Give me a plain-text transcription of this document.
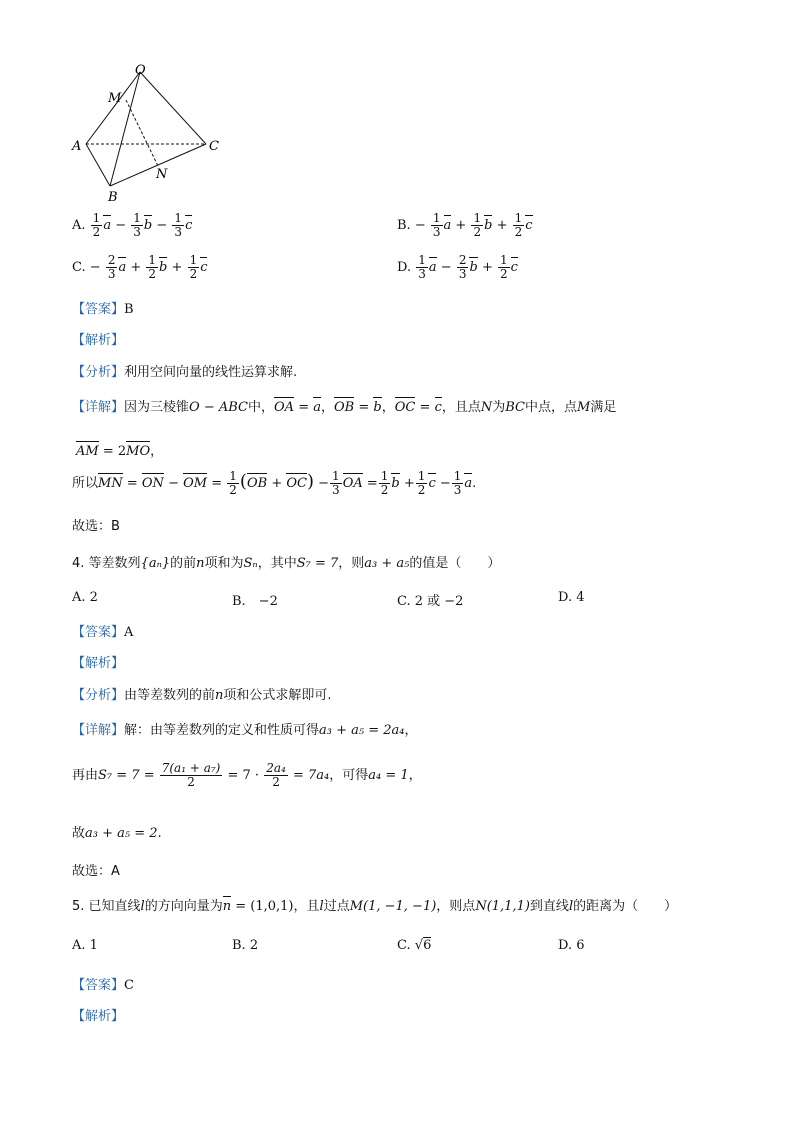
O
M
A	C
B
N
A. $\frac{1}{2}$ $a - \frac{1}{3}$ $b - \frac{1}{3}$ c	B. − $\frac{1}{3}$ $a + \frac{1}{2}$ $b + \frac{1}{2}$ c
C. − $\frac{2}{3}$ $a + \frac{1}{2}$ $b + \frac{1}{2}$ c	D. $\frac{1}{3}$ $a - \frac{2}{3}$ $b + \frac{1}{2}$ c
【答案】B
【解析】
【分析】利用空间向量的线性运算求解.
【详解】因为三棱锥O − ABC中，OA = a，OB = b，OC = c，且点N为BC中点，点M满足
AM = 2MO，
所以MN = ON − OM = $\frac{1}{2} (OB + OC) - \frac{1}{3}$ OA = $\frac{1}{2}$ $b + \frac{1}{2}$ $c - \frac{1}{3} a$.
故选：B
4. 等差数列{aₙ}的前n项和为Sₙ，其中S₇ = 7，则a₃ + a₅的值是（　　）
A. 2	B.　−2	C. 2 或 −2	D. 4
【答案】A
【解析】
【分析】由等差数列的前n项和公式求解即可.
【详解】解：由等差数列的定义和性质可得a₃ + a₅ = 2a₄，
再由$S_7 = 7 = \frac{\text{7(a₁ + a₇)}}{2} = 7 \cdot \frac{\text{2a₄}}{2} = 7a_4$，可得a₄ = 1，
故a₃ + a₅ = 2.
故选：A
5. 已知直线l的方向向量为n = (1,0,1)，且l过点M(1, −1, −1)，则点N(1,1,1)到直线l的距离为（　　）
A. 1	B. 2	C. √6	D. 6
【答案】C
【解析】
